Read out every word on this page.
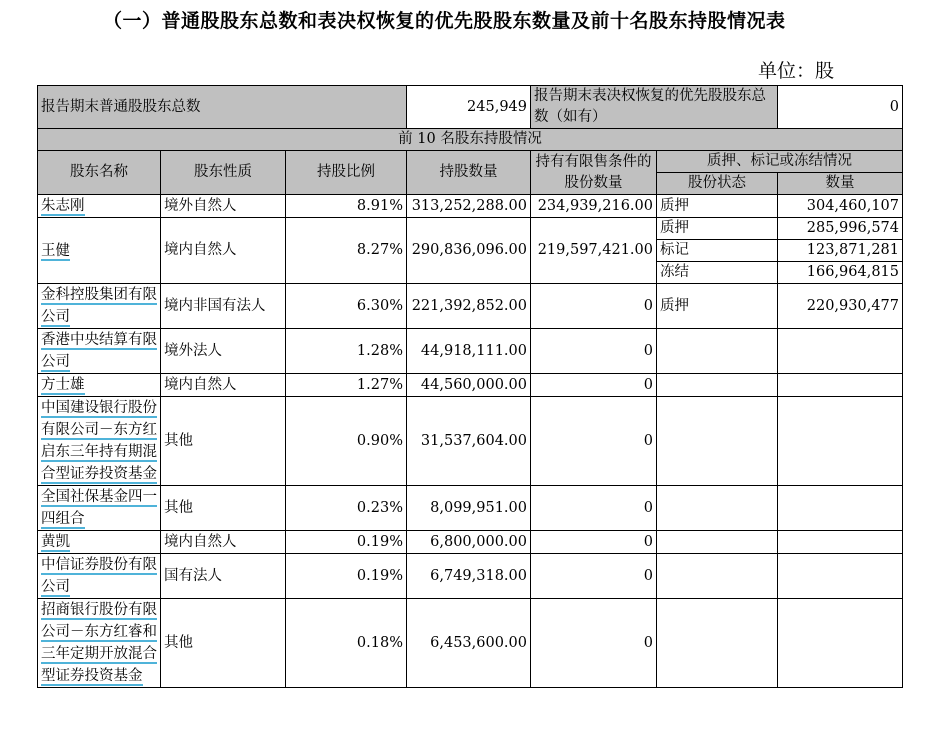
（一）普通股股东总数和表决权恢复的优先股股东数量及前十名股东持股情况表
单位：股
报告期末普通股股东总数			245,949	报告期末表决权恢复的优先股股东总数（如有）		0
前 10 名股东持股情况						
股东名称	股东性质	持股比例	持股数量	持有有限售条件的股份数量	质押、标记或冻结情况	
					股份状态	数量
朱志刚	境外自然人	8.91%	313,252,288.00	234,939,216.00	质押	304,460,107
王健	境内自然人	8.27%	290,836,096.00	219,597,421.00	质押	285,996,574
					标记	123,871,281
					冻结	166,964,815
金科控股集团有限公司	境内非国有法人	6.30%	221,392,852.00	0	质押	220,930,477
香港中央结算有限公司	境外法人	1.28%	44,918,111.00	0		
方士雄	境内自然人	1.27%	44,560,000.00	0		
中国建设银行股份有限公司－东方红启东三年持有期混合型证券投资基金	其他	0.90%	31,537,604.00	0		
全国社保基金四一四组合	其他	0.23%	8,099,951.00	0		
黄凯	境内自然人	0.19%	6,800,000.00	0		
中信证券股份有限公司	国有法人	0.19%	6,749,318.00	0		
招商银行股份有限公司－东方红睿和三年定期开放混合型证券投资基金	其他	0.18%	6,453,600.00	0		
